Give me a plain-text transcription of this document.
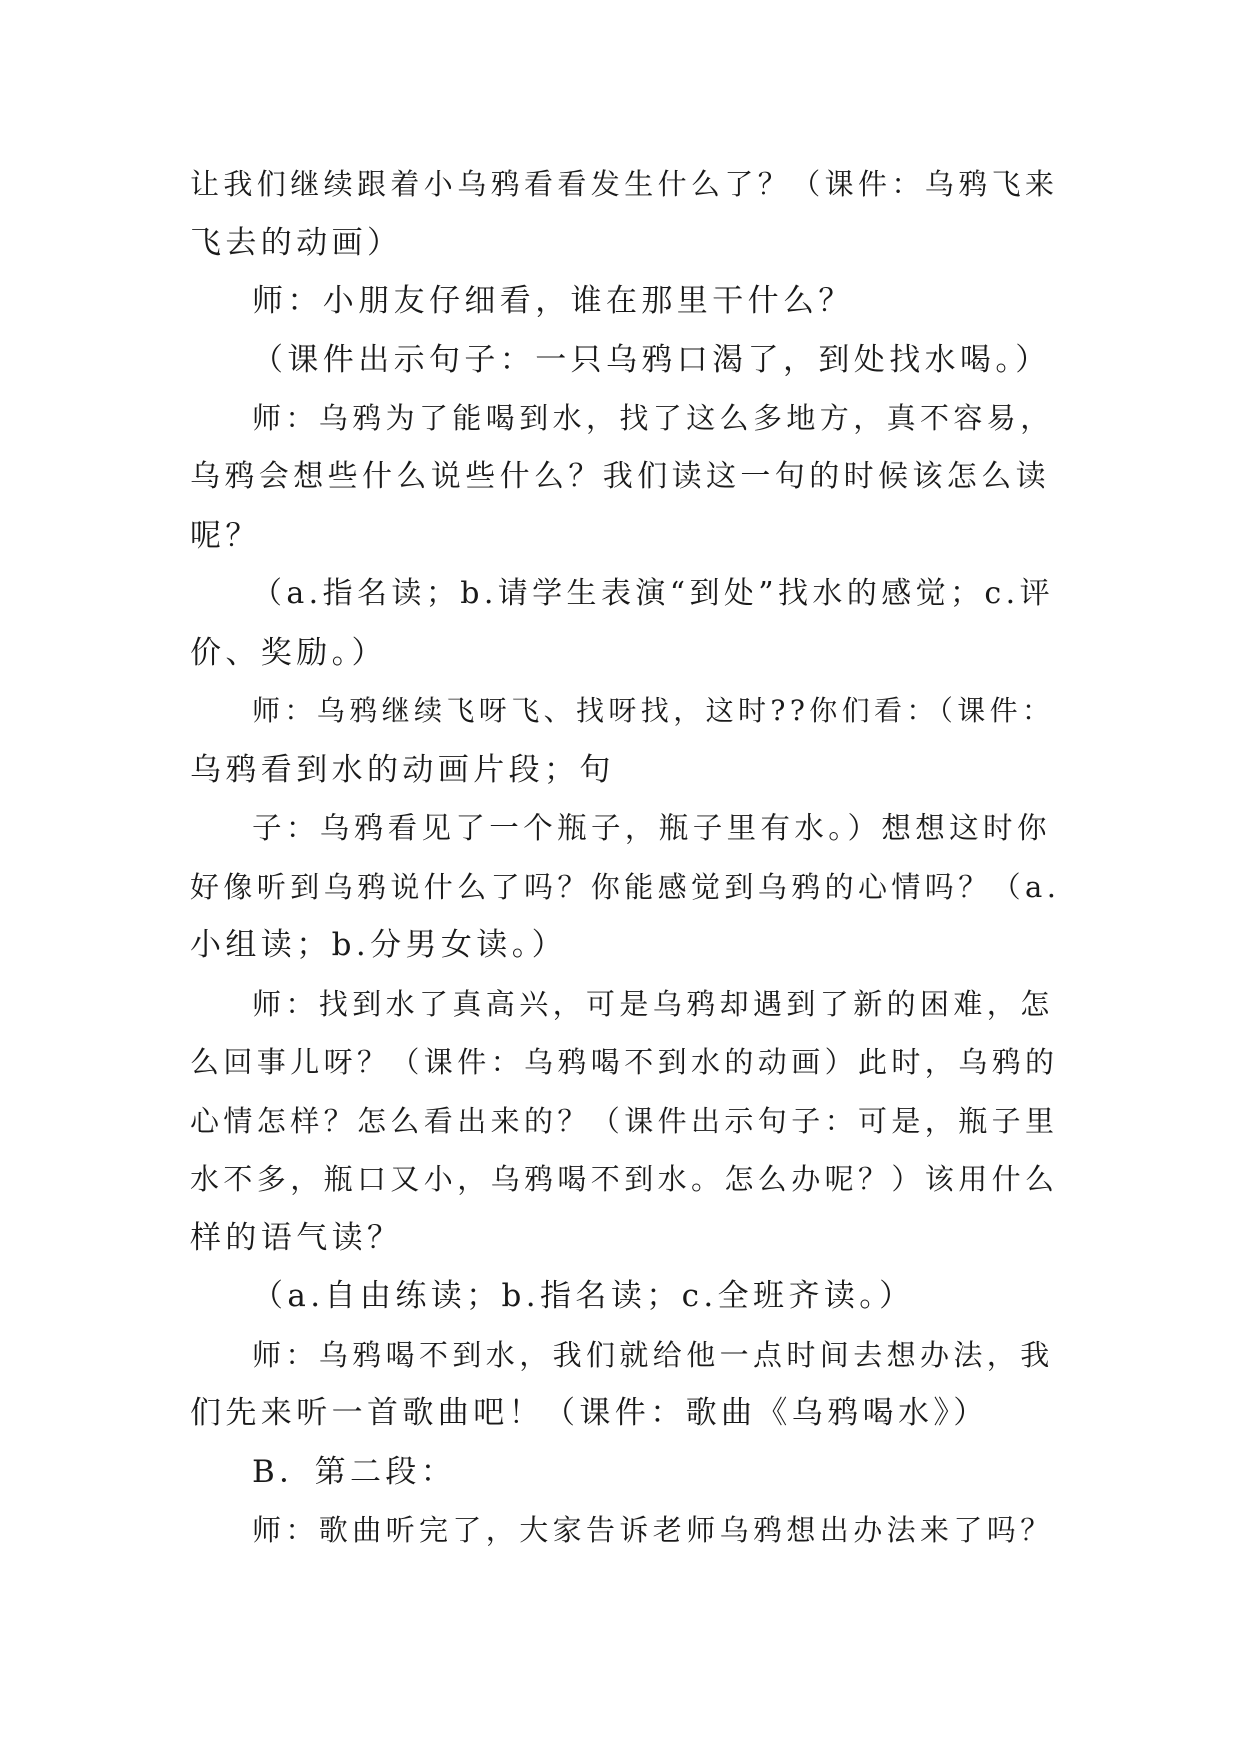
让我们继续跟着小乌鸦看看发生什么了？（课件：乌鸦飞来

飞去的动画）

师：小朋友仔细看，谁在那里干什么？

（课件出示句子：一只乌鸦口渴了，到处找水喝。）

师：乌鸦为了能喝到水，找了这么多地方，真不容易，

乌鸦会想些什么说些什么？我们读这一句的时候该怎么读

呢？

（a.指名读；b.请学生表演“到处”找水的感觉；c.评

价、奖励。）

师：乌鸦继续飞呀飞、找呀找，这时??你们看：（课件：

乌鸦看到水的动画片段；句

子：乌鸦看见了一个瓶子，瓶子里有水。）想想这时你

好像听到乌鸦说什么了吗？你能感觉到乌鸦的心情吗？（a.

小组读；b.分男女读。）

师：找到水了真高兴，可是乌鸦却遇到了新的困难，怎

么回事儿呀？（课件：乌鸦喝不到水的动画）此时，乌鸦的

心情怎样？怎么看出来的？（课件出示句子：可是，瓶子里

水不多，瓶口又小，乌鸦喝不到水。怎么办呢？）该用什么

样的语气读？

（a.自由练读；b.指名读；c.全班齐读。）

师：乌鸦喝不到水，我们就给他一点时间去想办法，我

们先来听一首歌曲吧！（课件：歌曲《乌鸦喝水》）

B．第二段：

师：歌曲听完了，大家告诉老师乌鸦想出办法来了吗？
